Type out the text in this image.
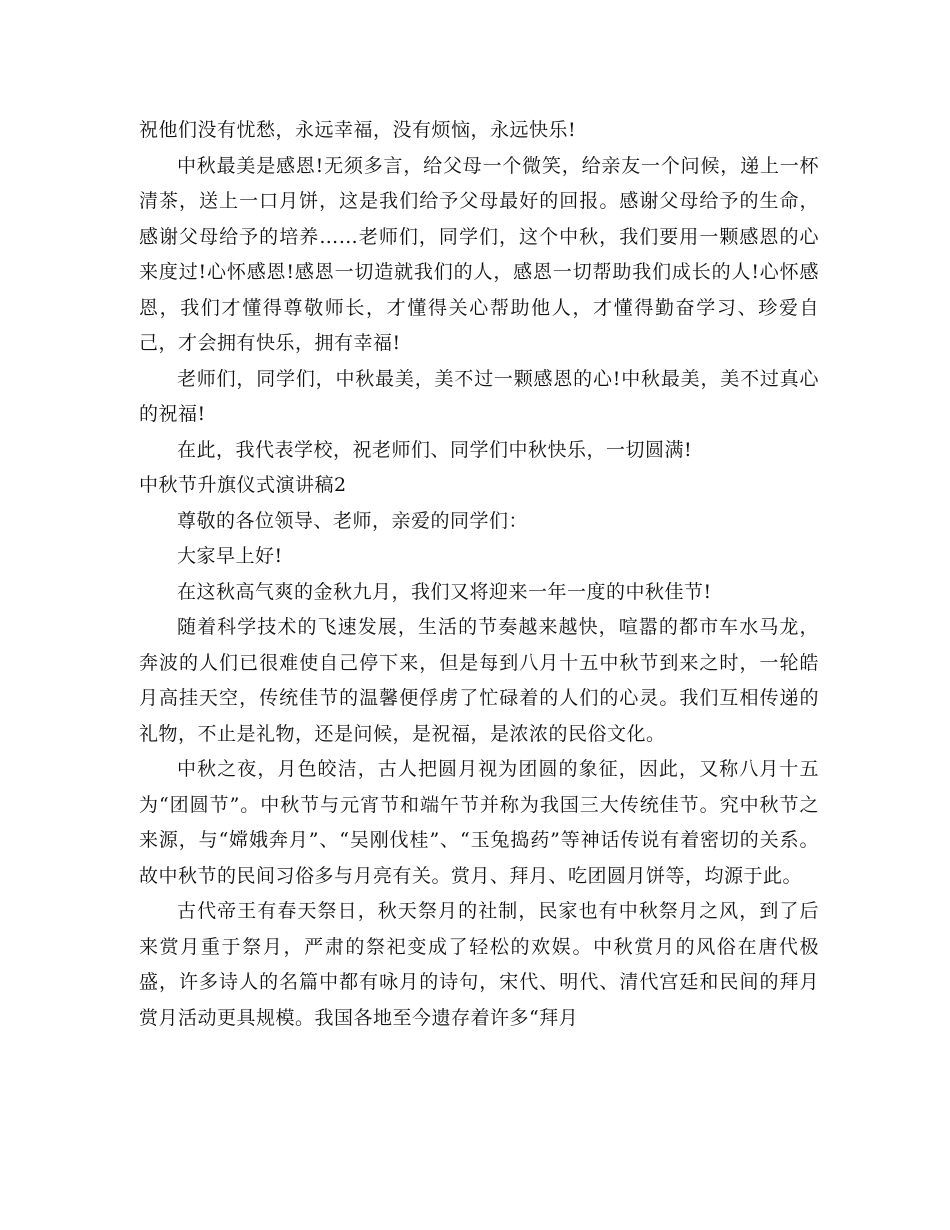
祝他们没有忧愁，永远幸福，没有烦恼，永远快乐!

中秋最美是感恩!无须多言，给父母一个微笑，给亲友一个问候，递上一杯清茶，送上一口月饼，这是我们给予父母最好的回报。感谢父母给予的生命，感谢父母给予的培养……老师们，同学们，这个中秋，我们要用一颗感恩的心来度过!心怀感恩!感恩一切造就我们的人，感恩一切帮助我们成长的人!心怀感恩，我们才懂得尊敬师长，才懂得关心帮助他人，才懂得勤奋学习、珍爱自己，才会拥有快乐，拥有幸福!

老师们，同学们，中秋最美，美不过一颗感恩的心!中秋最美，美不过真心的祝福!

在此，我代表学校，祝老师们、同学们中秋快乐，一切圆满!

中秋节升旗仪式演讲稿2

尊敬的各位领导、老师，亲爱的同学们：

大家早上好!

在这秋高气爽的金秋九月，我们又将迎来一年一度的中秋佳节!

随着科学技术的飞速发展，生活的节奏越来越快，喧嚣的都市车水马龙，奔波的人们已很难使自己停下来，但是每到八月十五中秋节到来之时，一轮皓月高挂天空，传统佳节的温馨便俘虏了忙碌着的人们的心灵。我们互相传递的礼物，不止是礼物，还是问候，是祝福，是浓浓的民俗文化。

中秋之夜，月色皎洁，古人把圆月视为团圆的象征，因此，又称八月十五为“团圆节”。中秋节与元宵节和端午节并称为我国三大传统佳节。究中秋节之来源，与“嫦娥奔月”、“吴刚伐桂”、“玉兔捣药”等神话传说有着密切的关系。故中秋节的民间习俗多与月亮有关。赏月、拜月、吃团圆月饼等，均源于此。

古代帝王有春天祭日，秋天祭月的社制，民家也有中秋祭月之风，到了后来赏月重于祭月，严肃的祭祀变成了轻松的欢娱。中秋赏月的风俗在唐代极盛，许多诗人的名篇中都有咏月的诗句，宋代、明代、清代宫廷和民间的拜月赏月活动更具规模。我国各地至今遗存着许多“拜月
